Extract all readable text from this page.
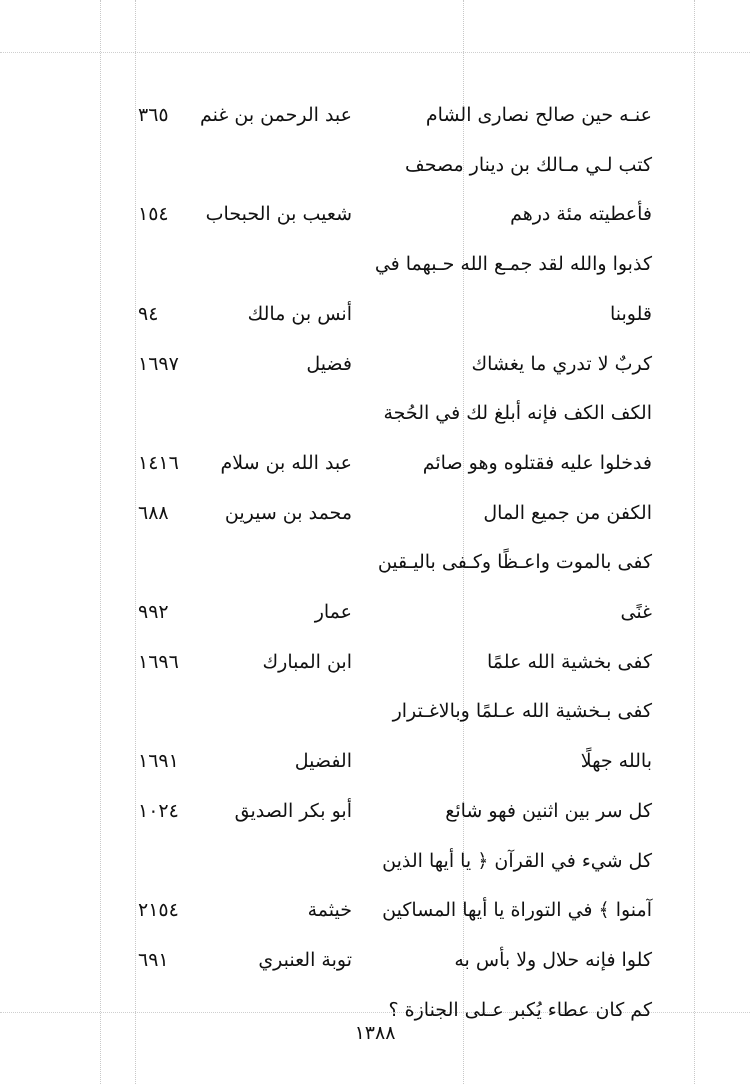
عنـه حين صالح نصارى الشام
عبد الرحمن بن غنم
٣٦٥
كتب لـي مـالك بن دينار مصحف
فأعطيته مئة درهم
شعيب بن الحبحاب
١٥٤
كذبوا والله لقد جمـع الله حـبهما في
قلوبنا
أنس بن مالك
٩٤
كربٌ لا تدري ما يغشاك
فضيل
١٦٩٧
الكف الكف فإنه أبلغ لك في الحُجة
فدخلوا عليه فقتلوه وهو صائم
عبد الله بن سلام
١٤١٦
الكفن من جميع المال
محمد بن سيرين
٦٨٨
كفى بالموت واعـظًا وكـفى باليـقين
غنًى
عمار
٩٩٢
كفى بخشية الله علمًا
ابن المبارك
١٦٩٦
كفى بـخشية الله عـلمًا وبالاغـترار
بالله جهلًا
الفضيل
١٦٩١
كل سر بين اثنين فهو شائع
أبو بكر الصديق
١٠٢٤
كل شيء في القرآن ﴿ يا أيها الذين
آمنوا ﴾ في التوراة يا أيها المساكين
خيثمة
٢١٥٤
كلوا فإنه حلال ولا بأس به
توبة العنبري
٦٩١
كم كان عطاء يُكبر عـلى الجنازة ؟
١٣٨٨
